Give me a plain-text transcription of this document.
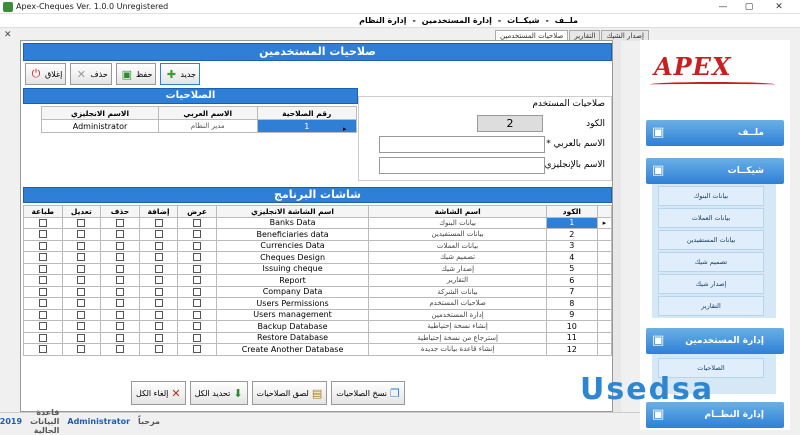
Apex-Cheques Ver. 1.0.0 Unregistered	—	▢	✕
ملــف
-
شيكــات
-
إدارة المستخدمين
-
إدارة النظام
✕	إصدار الشيك
التقارير
صلاحيات المستخدمين
صلاحيات المستخدمين
⏻ إغلاق ✕ حذف ▣ حفظ ✚ جديد
الصلاحيات
الاسم الانجليزي	الاسم العربي	رقم الصلاحية
Administrator	مدير النظام	1	▸
صلاحيات المستخدم
الكود
2
الاسم بالعربي *
الاسم بالإنجليزي
شاشات البرنامج
طباعة	تعديل	حذف	إضافة	عرض	اسم الشاشة الانجليزي	اسم الشاشة	الكود	
					Banks Data	بيانات البنوك	1	▸
					Beneficiaries data	بيانات المستفيدين	2	
					Currencies Data	بيانات العملات	3	
					Cheques Design	تصميم شيك	4	
					Issuing cheque	إصدار شيك	5	
					Report	التقارير	6	
					Company Data	بيانات الشركة	7	
					Users Permissions	صلاحيات المستخدم	8	
					Users management	إدارة المستخدمين	9	
					Backup Database	إنشاء نسخة إحتياطية	10	
					Restore Database	إسترجاع من نسخة إحتياطية	11	
					Create Another Database	إنشاء قاعدة بيانات جديدة	12	
إلغاء الكل ✕ تحديد الكل ⬇ لصق الصلاحيات ▤ نسخ الصلاحيات ❐
مرحباً
Administrator
قاعدة البيانات الحالية
2019
APEX
▣	ملــف
▣	شيكــات
بيانات البنوك
بيانات العملات
بيانات المستفيدين
تصميم شيك
إصدار شيك
التقارير
▣ إدارة المستخدمين
الصلاحيات
▣	إدارة النظــام
Usedsa
